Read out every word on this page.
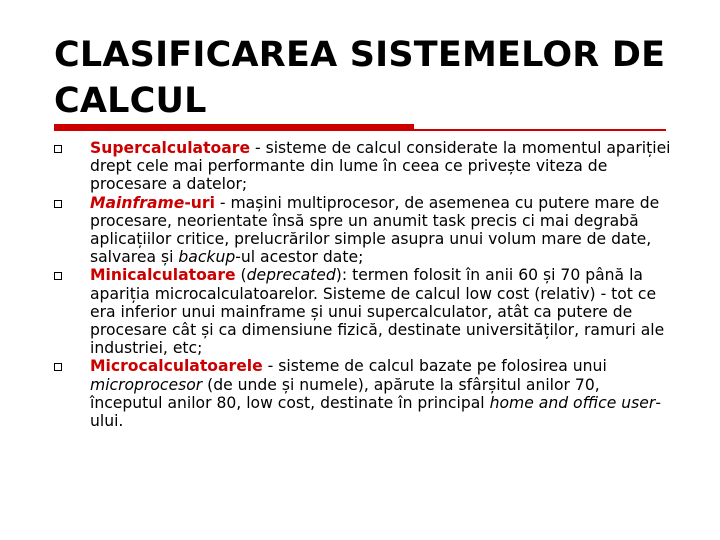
CLASIFICAREA SISTEMELOR DE CALCUL
Supercalculatoare - sisteme de calcul considerate la momentul apariției drept cele mai performante din lume în ceea ce privește viteza de procesare a datelor;
Mainframe-uri - mașini multiprocesor, de asemenea cu putere mare de procesare, neorientate însă spre un anumit task precis ci mai degrabă aplicațiilor critice, prelucrărilor simple asupra unui volum mare de date, salvarea și backup-ul acestor date;
Minicalculatoare (deprecated): termen folosit în anii 60 și 70 până la apariția microcalculatoarelor. Sisteme de calcul low cost (relativ) - tot ce era inferior unui mainframe și unui supercalculator, atât ca putere de procesare cât și ca dimensiune fizică, destinate universităților, ramuri ale industriei, etc;
Microcalculatoarele - sisteme de calcul bazate pe folosirea unui microprocesor (de unde și numele), apărute la sfârșitul anilor 70, începutul anilor 80, low cost, destinate în principal home and office user-ului.
